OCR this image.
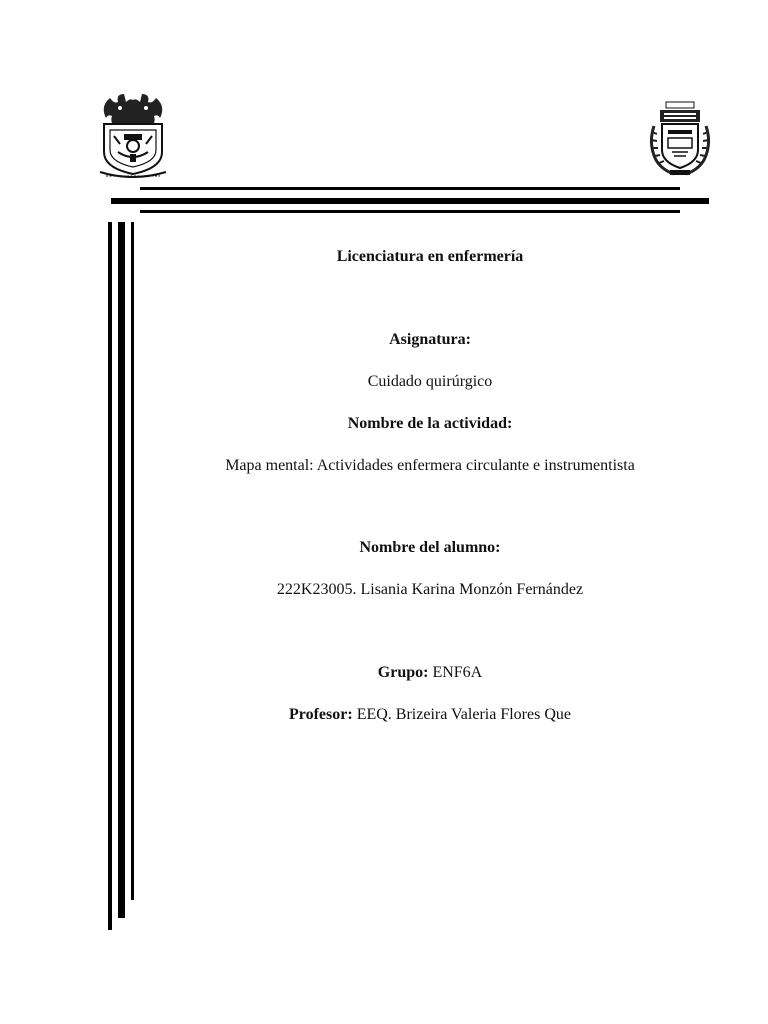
Licenciatura en enfermería
Asignatura:
Cuidado quirúrgico
Nombre de la actividad:
Mapa mental: Actividades enfermera circulante e instrumentista
Nombre del alumno:
222K23005. Lisania Karina Monzón Fernández
Grupo: ENF6A
Profesor: EEQ. Brizeira Valeria Flores Que
